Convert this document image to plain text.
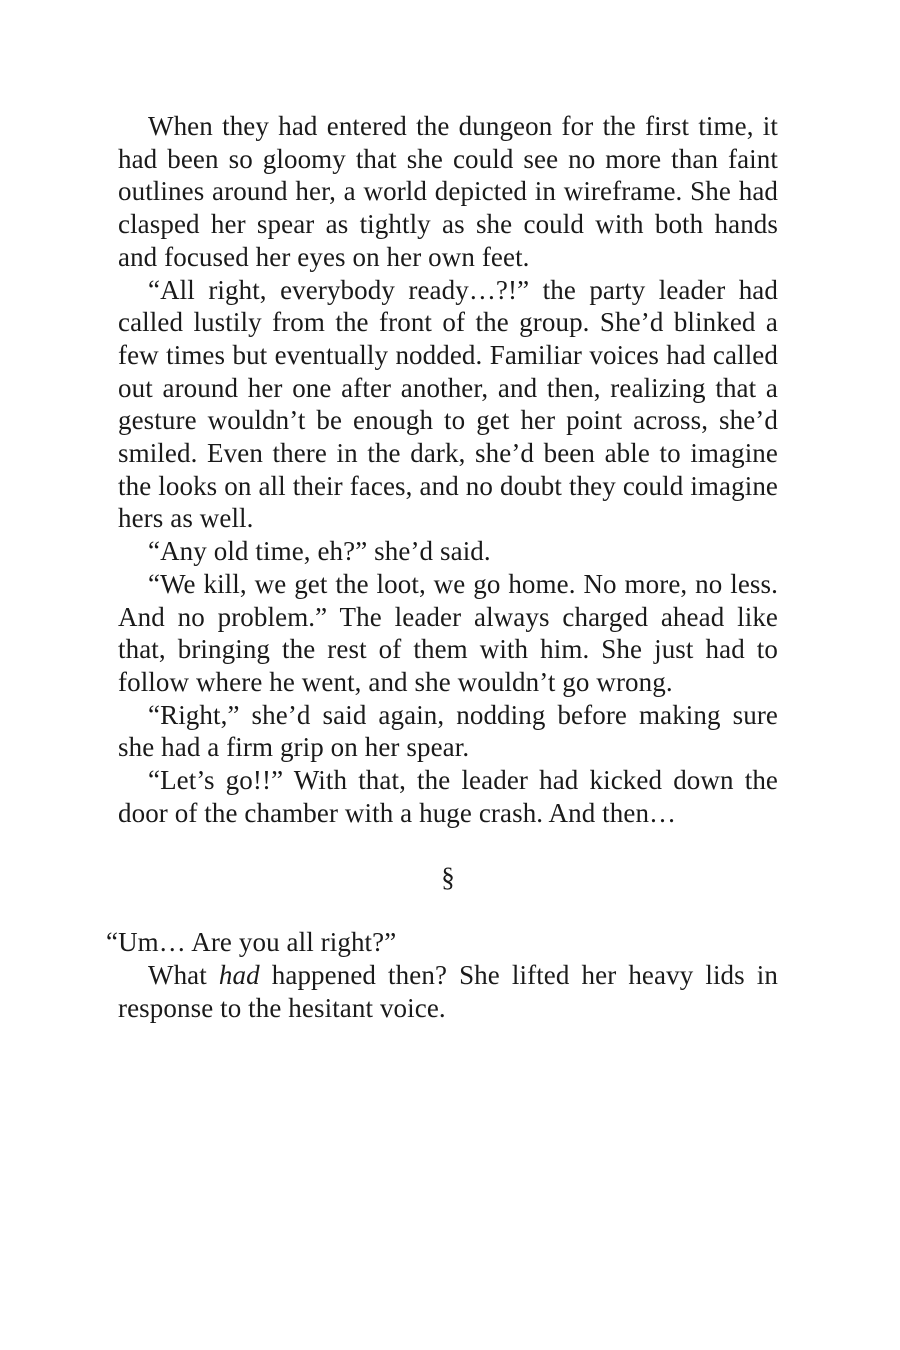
When they had entered the dungeon for the first time, it had been so gloomy that she could see no more than faint outlines around her, a world depicted in wireframe. She had clasped her spear as tightly as she could with both hands and focused her eyes on her own feet.

“All right, everybody ready…?!” the party leader had called lustily from the front of the group. She’d blinked a few times but eventually nodded. Familiar voices had called out around her one after another, and then, realizing that a gesture wouldn’t be enough to get her point across, she’d smiled. Even there in the dark, she’d been able to imagine the looks on all their faces, and no doubt they could imagine hers as well.

“Any old time, eh?” she’d said.

“We kill, we get the loot, we go home. No more, no less. And no problem.” The leader always charged ahead like that, bringing the rest of them with him. She just had to follow where he went, and she wouldn’t go wrong.

“Right,” she’d said again, nodding before making sure she had a firm grip on her spear.

“Let’s go!!” With that, the leader had kicked down the door of the chamber with a huge crash. And then…

§

“Um… Are you all right?”

What had happened then? She lifted her heavy lids in response to the hesitant voice.
